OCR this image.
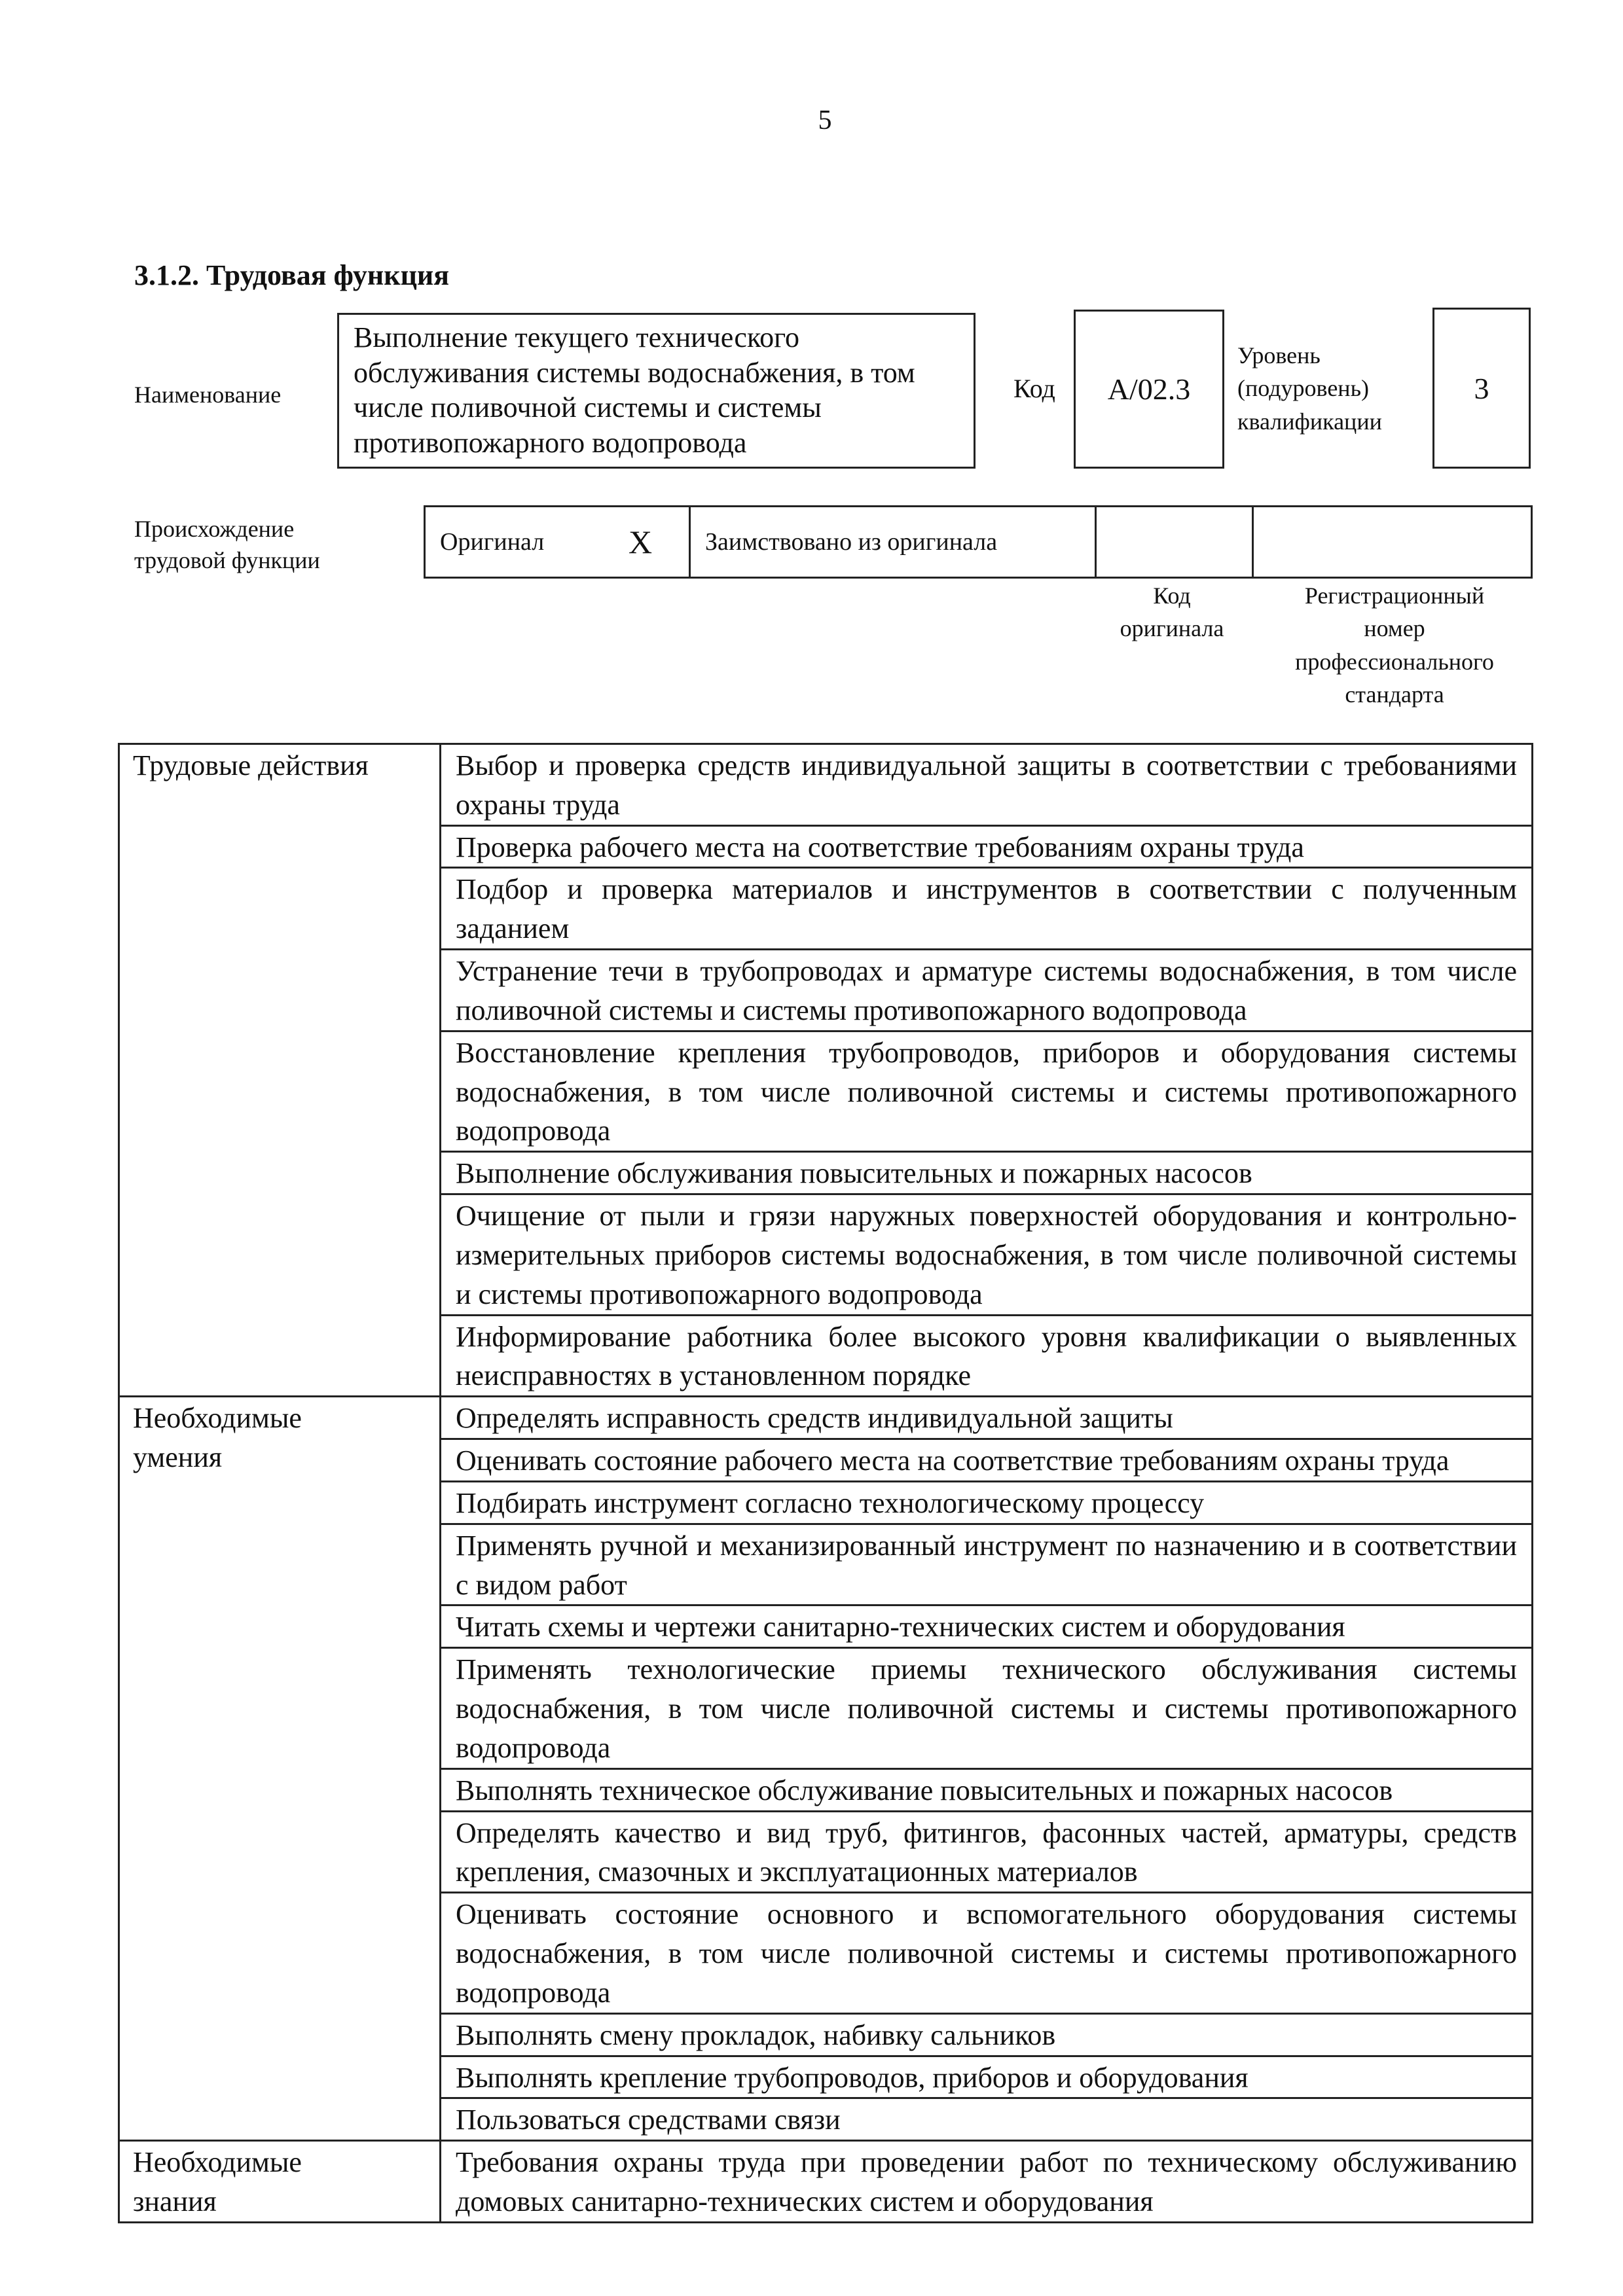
5
3.1.2. Трудовая функция
Наименование
Выполнение текущего технического обслуживания системы водоснабжения, в том числе поливочной системы и системы противопожарного водопровода
Код	A/02.3
Уровень
(подуровень)
квалификации
3
Происхождение
трудовой функции
Оригинал	X	Заимствовано из оригинала
Код
оригинала
Регистрационный
номер
профессионального
стандарта
Трудовые действия	Выбор и проверка средств индивидуальной защиты в соответствии с требованиями охраны труда
	Проверка рабочего места на соответствие требованиям охраны труда
	Подбор и проверка материалов и инструментов в соответствии с полученным заданием
	Устранение течи в трубопроводах и арматуре системы водоснабжения, в том числе поливочной системы и системы противопожарного водопровода
	Восстановление крепления трубопроводов, приборов и оборудования системы водоснабжения, в том числе поливочной системы и системы противопожарного водопровода
	Выполнение обслуживания повысительных и пожарных насосов
	Очищение от пыли и грязи наружных поверхностей оборудования и контрольно-измерительных приборов системы водоснабжения, в том числе поливочной системы и системы противопожарного водопровода
	Информирование работника более высокого уровня квалификации о выявленных неисправностях в установленном порядке

Необходимые
умения	Определять исправность средств индивидуальной защиты
	Оценивать состояние рабочего места на соответствие требованиям охраны труда
	Подбирать инструмент согласно технологическому процессу
	Применять ручной и механизированный инструмент по назначению и в соответствии с видом работ
	Читать схемы и чертежи санитарно-технических систем и оборудования
	Применять технологические приемы технического обслуживания системы водоснабжения, в том числе поливочной системы и системы противопожарного водопровода
	Выполнять техническое обслуживание повысительных и пожарных насосов
	Определять качество и вид труб, фитингов, фасонных частей, арматуры, средств крепления, смазочных и эксплуатационных материалов
	Оценивать состояние основного и вспомогательного оборудования системы водоснабжения, в том числе поливочной системы и системы противопожарного водопровода
	Выполнять смену прокладок, набивку сальников
	Выполнять крепление трубопроводов, приборов и оборудования
	Пользоваться средствами связи

Необходимые
знания	Требования охраны труда при проведении работ по техническому обслуживанию домовых санитарно-технических систем и оборудования
